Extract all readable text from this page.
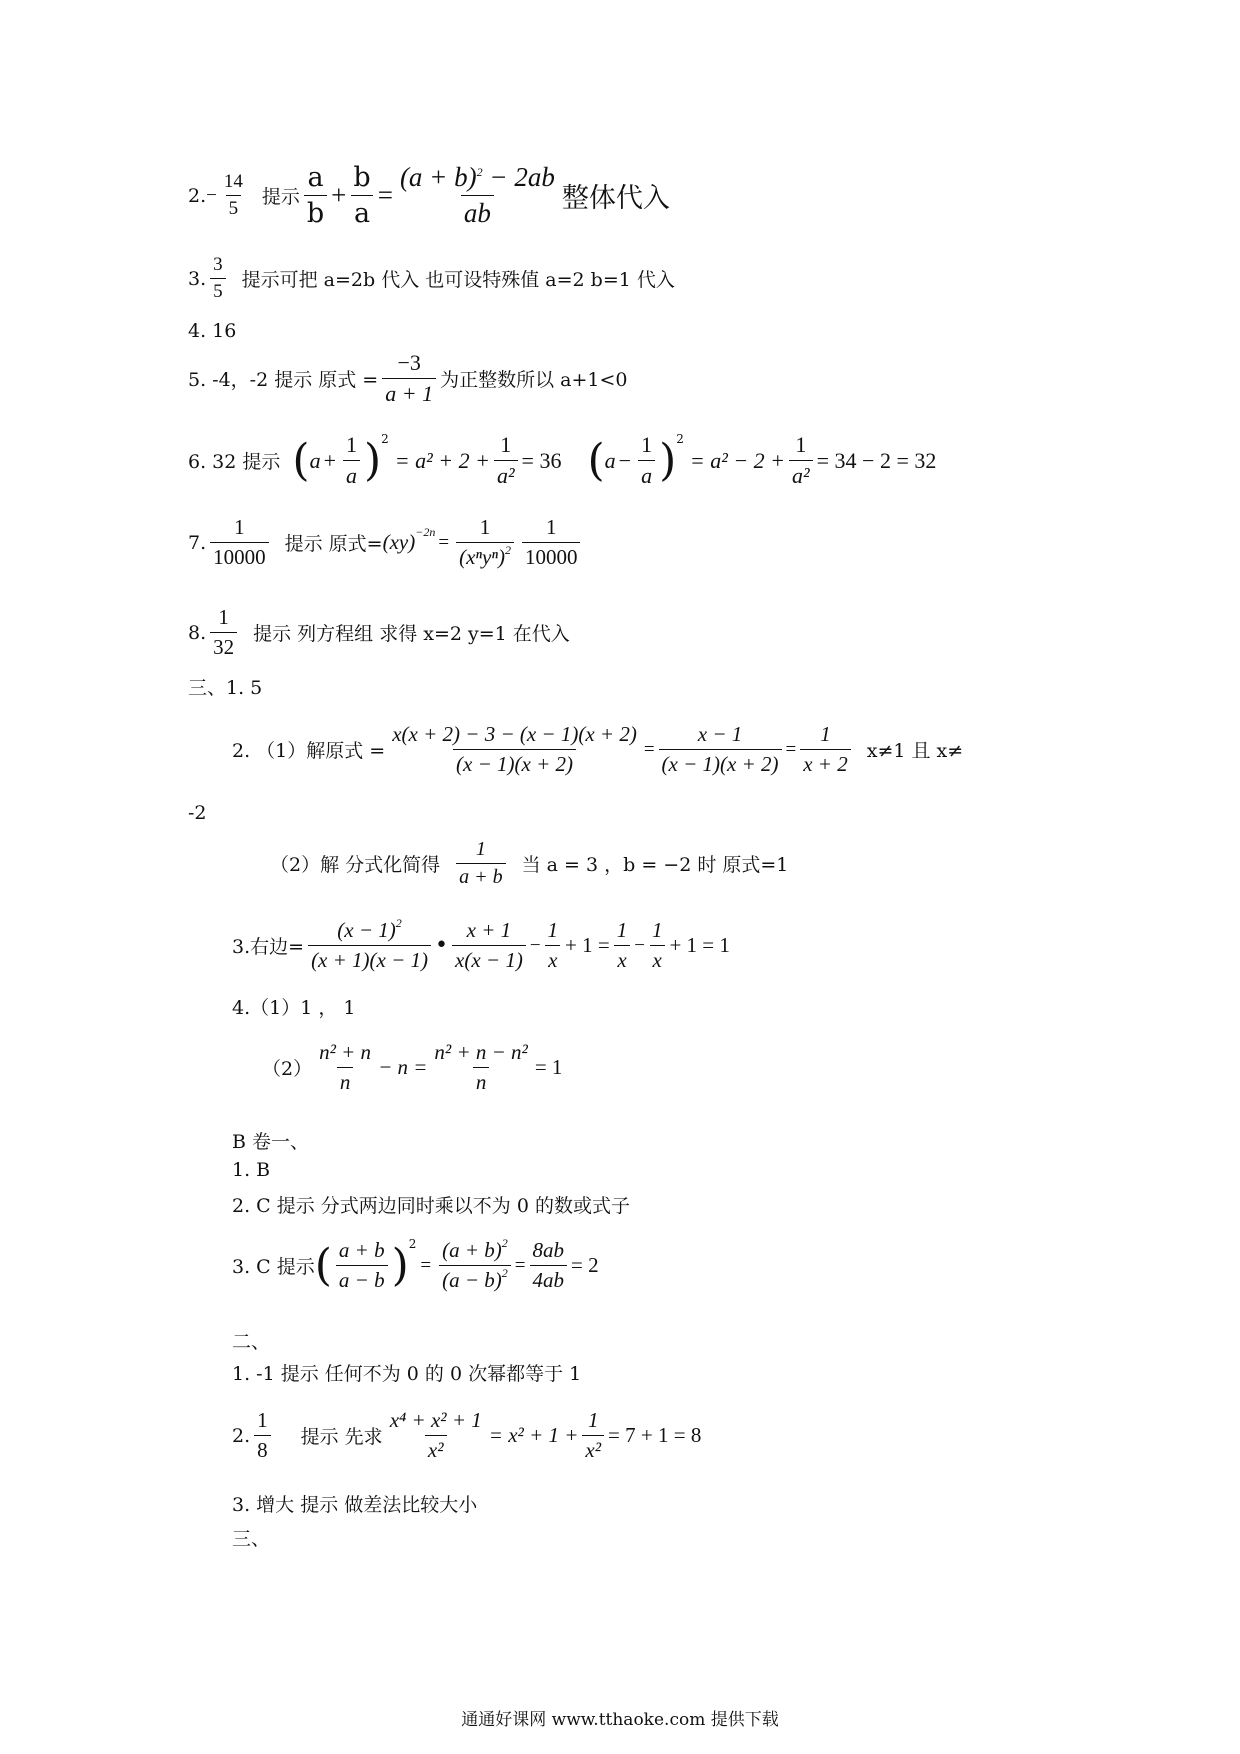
2. − $\frac{14}{5}$ 提示 $\frac{a}{b} + \frac{b}{a} = \frac{(a + b)^2 - 2ab}{ab}$ 整体代入
3. $\frac{3}{5}$ 提示可把 a=2b 代入 也可设特殊值 a=2 b=1 代入
4. 16
5. -4，-2 提示 原式 = $\frac{-3}{a + 1}$ 为正整数所以 a+1<0
6. 32 提示 ( $a + \frac{1}{a}$ ) 2
= $a^2 + 2 + \frac{1}{\text{a²}} = 36$ ( $a - \frac{1}{a}$ ) 2
= $a^2 - 2 + \frac{1}{\text{a²}} = 34 - 2 = 32$
7. $\frac{1}{10000}$ 提示 原式= $(xy) -2n = \frac{1}{(x^ny^n)^2} \frac{1}{10000}$
8. $\frac{1}{32}$ 提示 列方程组 求得 x=2 y=1 在代入
三、1. 5
2. （1）解原式 = $\frac{x(x + 2) - 3 - (x - 1)(x + 2)}{(x - 1)(x + 2)} = \frac{x - 1}{(x - 1)(x + 2)} = \frac{1}{x + 2} x\ne 1$ 且 x≠
-2
（2）解 分式化简得 $\frac{1}{a + b}$ 当 a = 3 ，b = −2 时 原式=1
3.右边= $\frac{(x - 1)^2}{(x + 1)(x - 1)}$ • $\frac{x + 1}{x(x - 1)} - \frac{1}{x} + 1 = \frac{1}{x} - \frac{1}{x} + 1 = 1$
4.（1）1 ， 1
$(2) \frac{\text{n² + n}}{n} - n = \frac{\text{n² + n − n²}}{n} = 1$
B 卷一、
1. B
2. C 提示 分式两边同时乘以不为 0 的数或式子
3. C 提示 ( $\frac{a + b}{a - b}$ ) 2
= $\frac{(a + b)^2}{(a - b)^2} = \frac{8ab}{4ab} = 2$
二、
1. -1 提示 任何不为 0 的 0 次幂都等于 1
2. $\frac{1}{8}$ 提示 先求 $\frac{\text{x⁴ + x² + 1}}{\text{x²}} = x^2 + 1 + \frac{1}{\text{x²}} = 7 + 1 = 8$
3. 增大 提示 做差法比较大小
三、
通通好课网 www.tthaoke.com 提供下载
